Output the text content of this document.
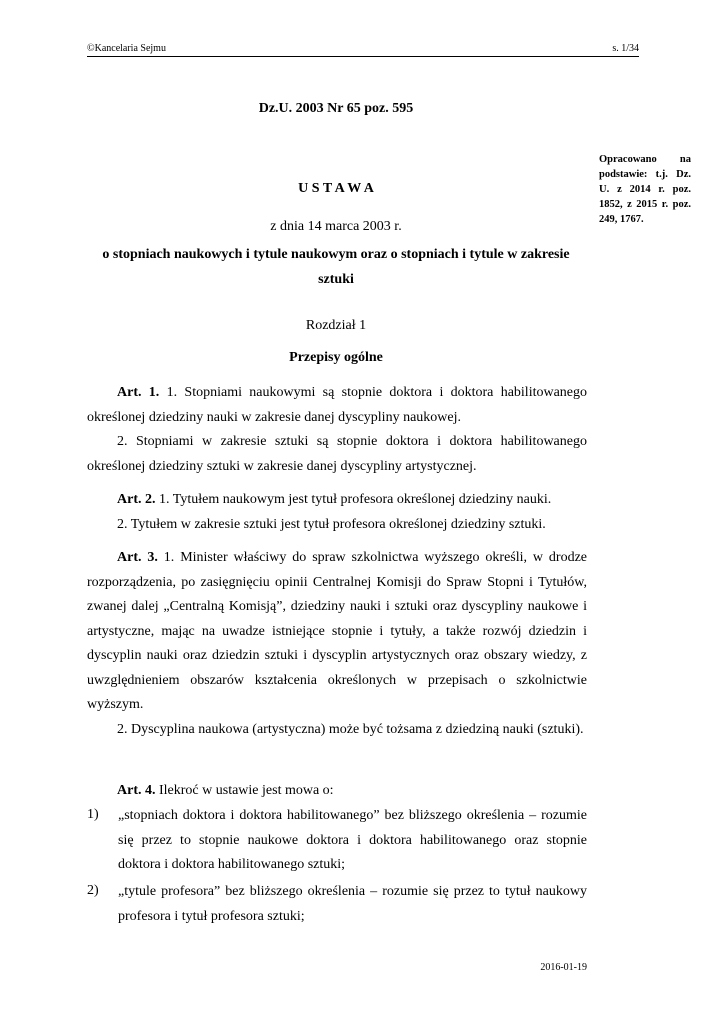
©Kancelaria Sejmu	s. 1/34
Dz.U. 2003 Nr 65 poz. 595
Opracowano na podstawie: t.j. Dz. U. z 2014 r. poz. 1852, z 2015 r. poz. 249, 1767.
U S T A W A
z dnia 14 marca 2003 r.
o stopniach naukowych i tytule naukowym oraz o stopniach i tytule w zakresie
sztuki
Rozdział 1
Przepisy ogólne

Art. 1. 1. Stopniami naukowymi są stopnie doktora i doktora habilitowanego określonej dziedziny nauki w zakresie danej dyscypliny naukowej.

2. Stopniami w zakresie sztuki są stopnie doktora i doktora habilitowanego określonej dziedziny sztuki w zakresie danej dyscypliny artystycznej.

Art. 2. 1. Tytułem naukowym jest tytuł profesora określonej dziedziny nauki.

2. Tytułem w zakresie sztuki jest tytuł profesora określonej dziedziny sztuki.

Art. 3. 1. Minister właściwy do spraw szkolnictwa wyższego określi, w drodze rozporządzenia, po zasięgnięciu opinii Centralnej Komisji do Spraw Stopni i Tytułów, zwanej dalej „Centralną Komisją”, dziedziny nauki i sztuki oraz dyscypliny naukowe i artystyczne, mając na uwadze istniejące stopnie i tytuły, a także rozwój dziedzin i dyscyplin nauki oraz dziedzin sztuki i dyscyplin artystycznych oraz obszary wiedzy, z uwzględnieniem obszarów kształcenia określonych w przepisach o szkolnictwie wyższym.

2. Dyscyplina naukowa (artystyczna) może być tożsama z dziedziną nauki (sztuki).

Art. 4. Ilekroć w ustawie jest mowa o:

1) „stopniach doktora i doktora habilitowanego” bez bliższego określenia – rozumie się przez to stopnie naukowe doktora i doktora habilitowanego oraz stopnie doktora i doktora habilitowanego sztuki;
2) „tytule profesora” bez bliższego określenia – rozumie się przez to tytuł naukowy profesora i tytuł profesora sztuki;
2016-01-19
